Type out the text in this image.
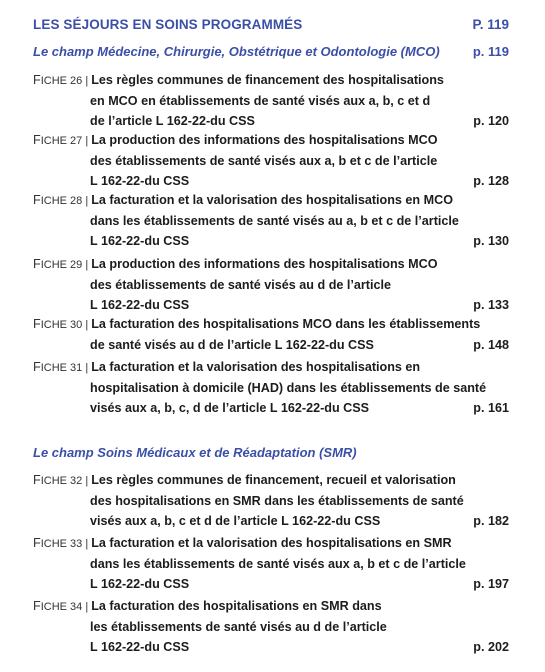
LES SÉJOURS EN SOINS PROGRAMMÉS	P. 119
Le champ Médecine, Chirurgie, Obstétrique et Odontologie (MCO)	p. 119
FICHE 26 | Les règles communes de financement des hospitalisations
en MCO en établissements de santé visés aux a, b, c et d
de l’article L 162-22-du CSS	p. 120
FICHE 27 | La production des informations des hospitalisations MCO
des établissements de santé visés aux a, b et c de l’article
L 162-22-du CSS	p. 128
FICHE 28 | La facturation et la valorisation des hospitalisations en MCO
dans les établissements de santé visés au a, b et c de l’article
L 162-22-du CSS	p. 130
FICHE 29 | La production des informations des hospitalisations MCO
des établissements de santé visés au d de l’article
L 162-22-du CSS	p. 133
FICHE 30 | La facturation des hospitalisations MCO dans les établissements
de santé visés au d de l’article L 162-22-du CSS	p. 148
FICHE 31 | La facturation et la valorisation des hospitalisations en
hospitalisation à domicile (HAD) dans les établissements de santé
visés aux a, b, c, d de l’article L 162-22-du CSS	p. 161
Le champ Soins Médicaux et de Réadaptation (SMR)
FICHE 32 | Les règles communes de financement, recueil et valorisation
des hospitalisations en SMR dans les établissements de santé
visés aux a, b, c et d de l’article L 162-22-du CSS	p. 182
FICHE 33 | La facturation et la valorisation des hospitalisations en SMR
dans les établissements de santé visés aux a, b et c de l’article
L 162-22-du CSS	p. 197
FICHE 34 | La facturation des hospitalisations en SMR dans
les établissements de santé visés au d de l’article
L 162-22-du CSS	p. 202
